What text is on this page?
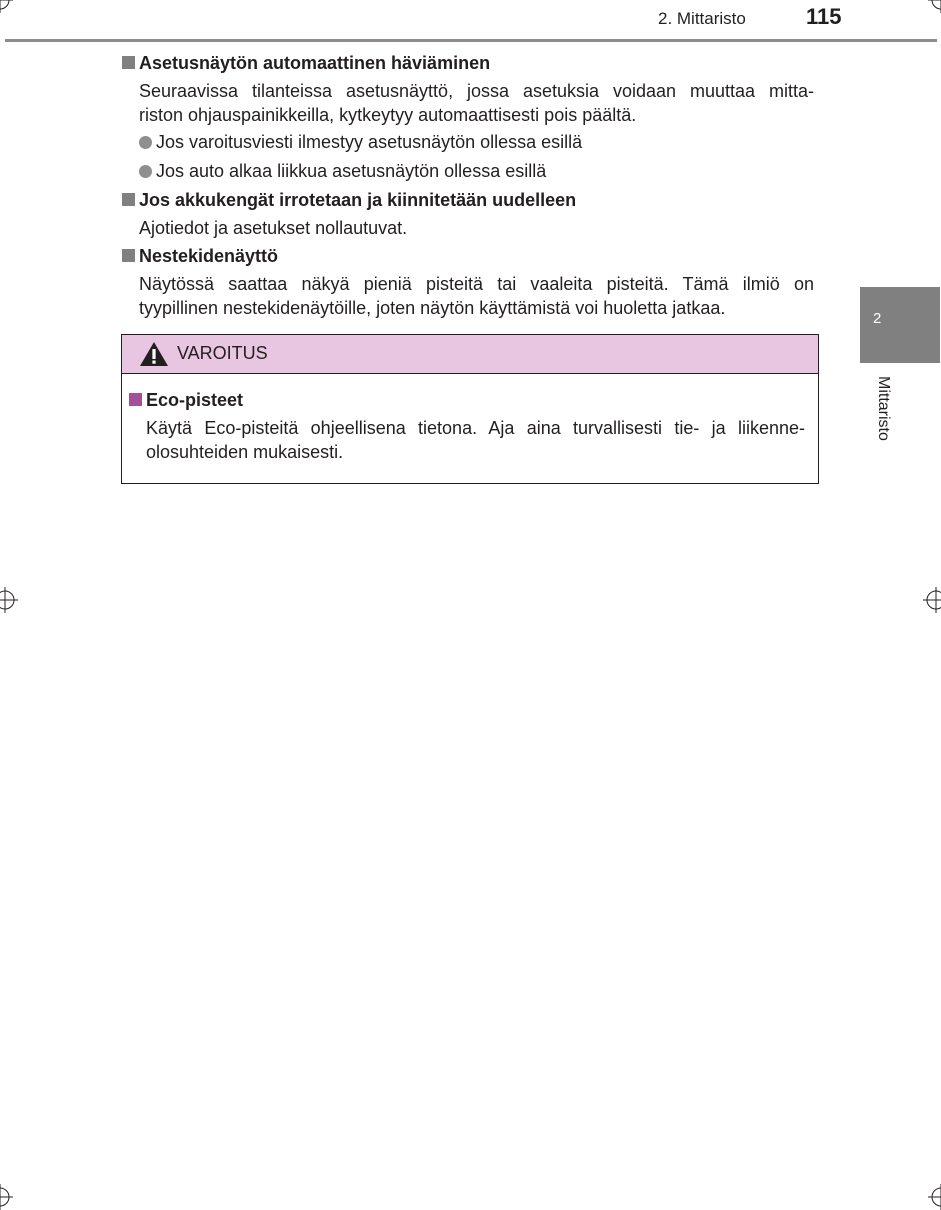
2. Mittaristo	115
2
Mittaristo
Asetusnäytön automaattinen häviäminen
Seuraavissa tilanteissa asetusnäyttö, jossa asetuksia voidaan muuttaa mitta-
riston ohjauspainikkeilla, kytkeytyy automaattisesti pois päältä.
Jos varoitusviesti ilmestyy asetusnäytön ollessa esillä
Jos auto alkaa liikkua asetusnäytön ollessa esillä
Jos akkukengät irrotetaan ja kiinnitetään uudelleen
Ajotiedot ja asetukset nollautuvat.
Nestekidenäyttö
Näytössä saattaa näkyä pieniä pisteitä tai vaaleita pisteitä. Tämä ilmiö on
tyypillinen nestekidenäytöille, joten näytön käyttämistä voi huoletta jatkaa.
VAROITUS
Eco-pisteet
Käytä Eco-pisteitä ohjeellisena tietona. Aja aina turvallisesti tie- ja liikenne-
olosuhteiden mukaisesti.
